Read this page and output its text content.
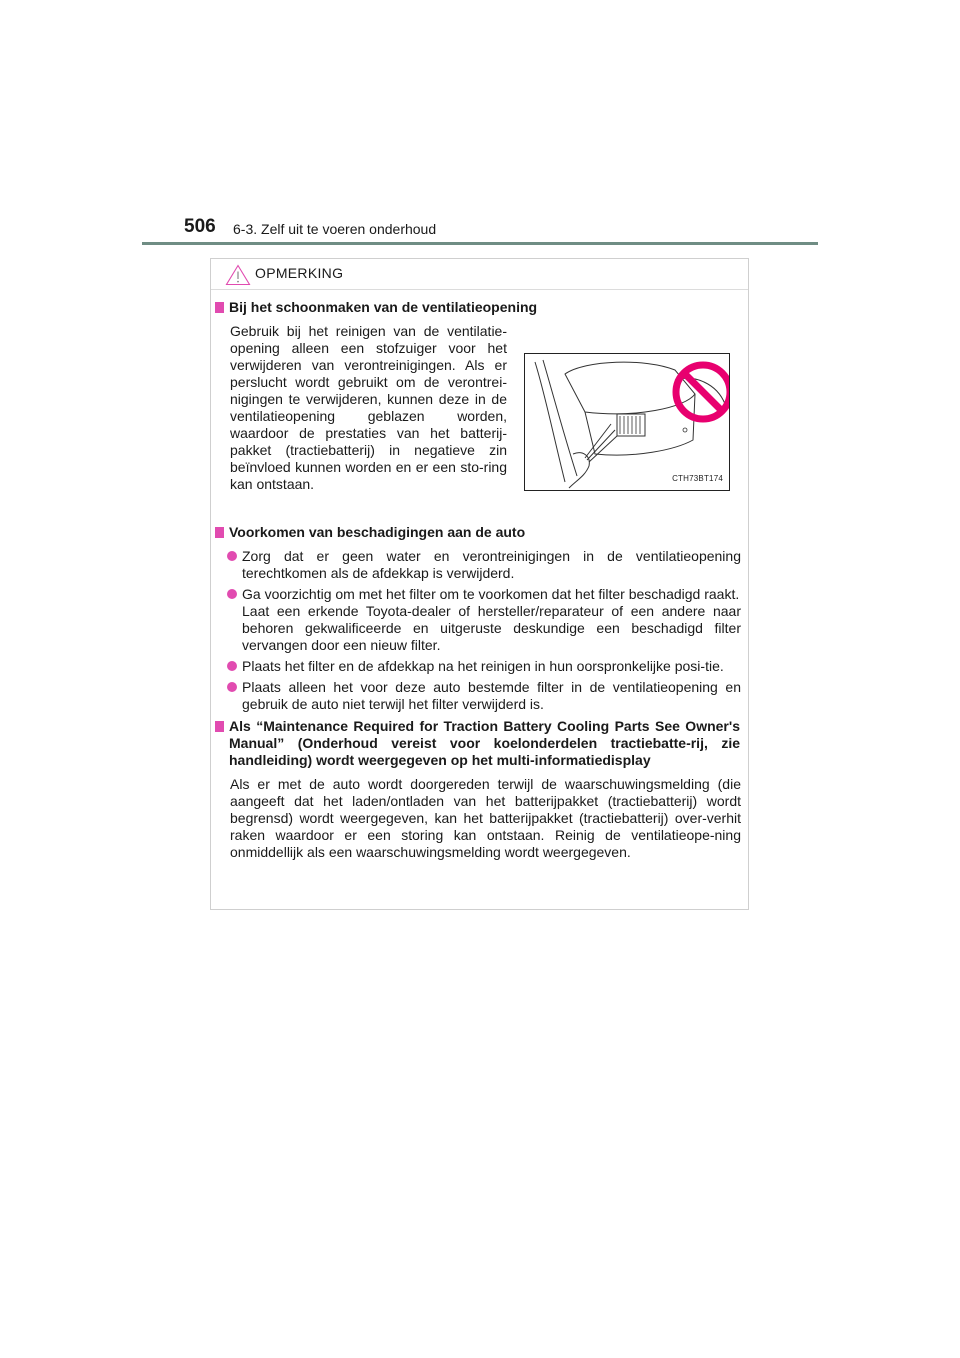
506 6-3. Zelf uit te voeren onderhoud
OPMERKING
Bij het schoonmaken van de ventilatieopening
Gebruik bij het reinigen van de ventilatie-opening alleen een stofzuiger voor het verwijderen van verontreinigingen. Als er perslucht wordt gebruikt om de verontrei-nigingen te verwijderen, kunnen deze in de ventilatieopening geblazen worden, waardoor de prestaties van het batterij-pakket (tractiebatterij) in negatieve zin beïnvloed kunnen worden en er een sto-ring kan ontstaan.	CTH73BT174
Voorkomen van beschadigingen aan de auto
Zorg dat er geen water en verontreinigingen in de ventilatieopening terechtkomen als de afdekkap is verwijderd.
Ga voorzichtig om met het filter om te voorkomen dat het filter beschadigd raakt.
Laat een erkende Toyota-dealer of hersteller/reparateur of een andere naar behoren gekwalificeerde en uitgeruste deskundige een beschadigd filter vervangen door een nieuw filter.
Plaats het filter en de afdekkap na het reinigen in hun oorspronkelijke posi-tie.
Plaats alleen het voor deze auto bestemde filter in de ventilatieopening en gebruik de auto niet terwijl het filter verwijderd is.
Als “Maintenance Required for Traction Battery Cooling Parts See Owner's Manual” (Onderhoud vereist voor koelonderdelen tractiebatte-rij, zie handleiding) wordt weergegeven op het multi-informatiedisplay
Als er met de auto wordt doorgereden terwijl de waarschuwingsmelding (die aangeeft dat het laden/ontladen van het batterijpakket (tractiebatterij) wordt begrensd) wordt weergegeven, kan het batterijpakket (tractiebatterij) over-verhit raken waardoor er een storing kan ontstaan. Reinig de ventilatieope-ning onmiddellijk als een waarschuwingsmelding wordt weergegeven.
